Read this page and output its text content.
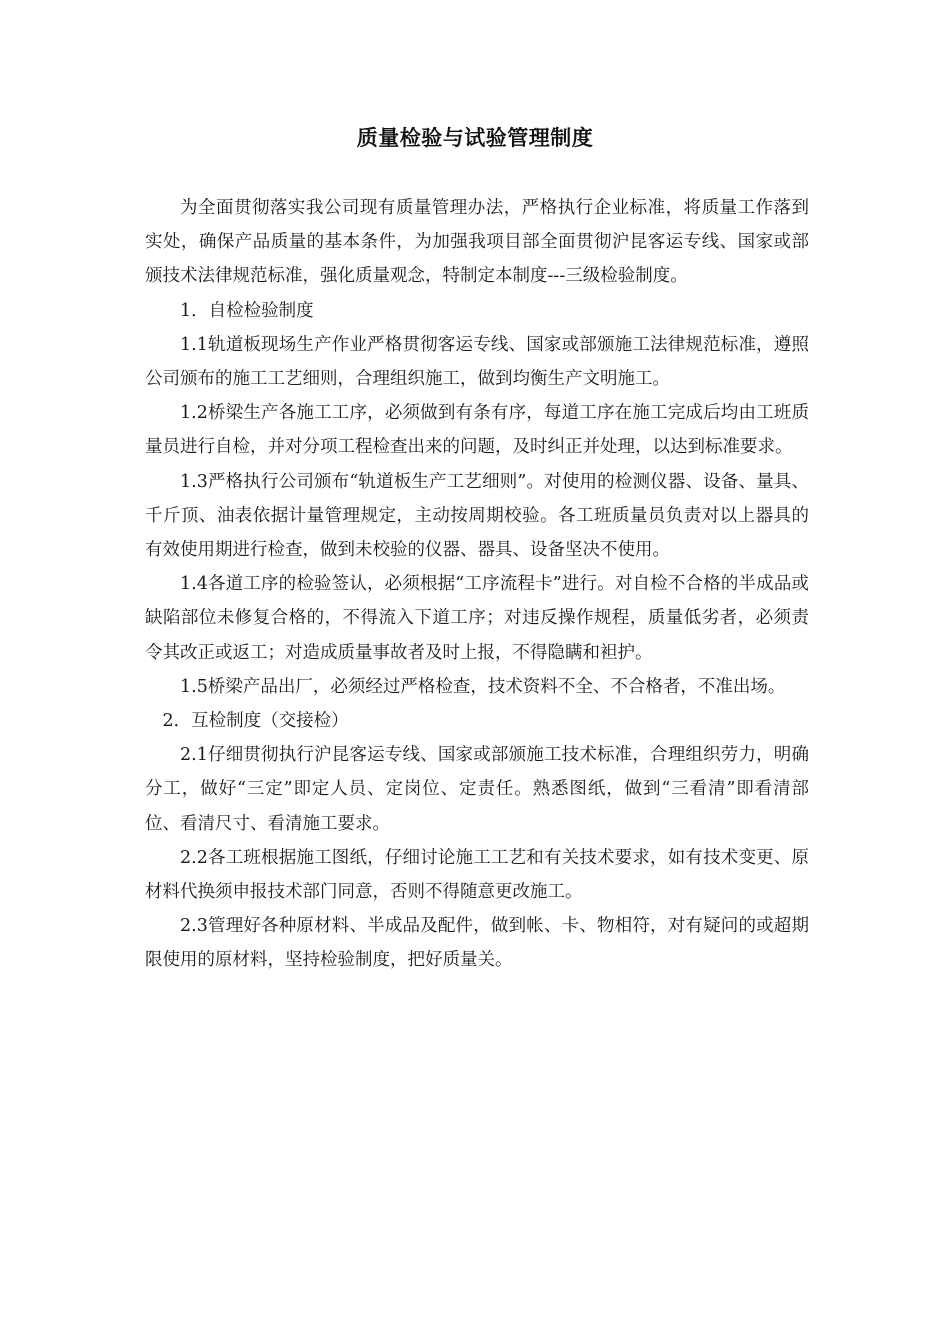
质量检验与试验管理制度

为全面贯彻落实我公司现有质量管理办法，严格执行企业标准，将质量工作落到实处，确保产品质量的基本条件，为加强我项目部全面贯彻沪昆客运专线、国家或部颁技术法律规范标准，强化质量观念，特制定本制度---三级检验制度。

1．自检检验制度

1.1轨道板现场生产作业严格贯彻客运专线、国家或部颁施工法律规范标准，遵照公司颁布的施工工艺细则，合理组织施工，做到均衡生产文明施工。

1.2桥梁生产各施工工序，必须做到有条有序，每道工序在施工完成后均由工班质量员进行自检，并对分项工程检查出来的问题，及时纠正并处理，以达到标准要求。

1.3严格执行公司颁布“轨道板生产工艺细则”。对使用的检测仪器、设备、量具、千斤顶、油表依据计量管理规定，主动按周期校验。各工班质量员负责对以上器具的有效使用期进行检查，做到未校验的仪器、器具、设备坚决不使用。

1.4各道工序的检验签认，必须根据“工序流程卡”进行。对自检不合格的半成品或缺陷部位未修复合格的，不得流入下道工序；对违反操作规程，质量低劣者，必须责令其改正或返工；对造成质量事故者及时上报，不得隐瞒和袒护。

1.5桥梁产品出厂，必须经过严格检查，技术资料不全、不合格者，不准出场。

2．互检制度（交接检）

2.1仔细贯彻执行沪昆客运专线、国家或部颁施工技术标准，合理组织劳力，明确分工，做好“三定”即定人员、定岗位、定责任。熟悉图纸，做到“三看清”即看清部位、看清尺寸、看清施工要求。

2.2各工班根据施工图纸，仔细讨论施工工艺和有关技术要求，如有技术变更、原材料代换须申报技术部门同意，否则不得随意更改施工。

2.3管理好各种原材料、半成品及配件，做到帐、卡、物相符，对有疑问的或超期限使用的原材料，坚持检验制度，把好质量关。
